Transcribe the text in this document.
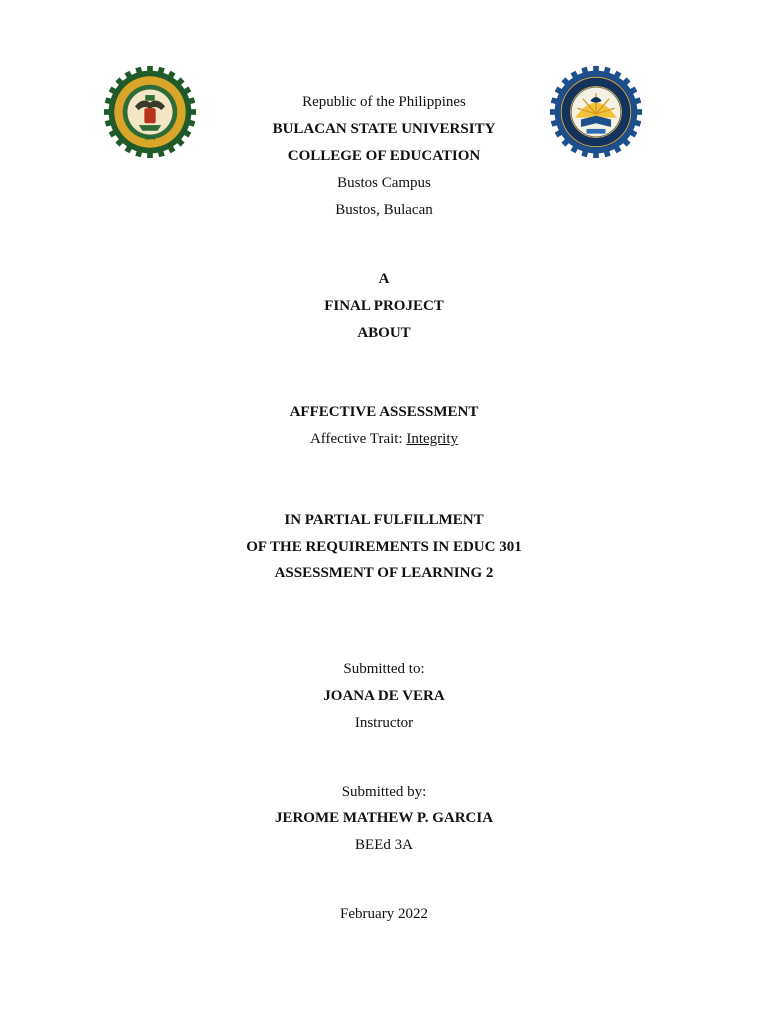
1975
Republic of the Philippines
BULACAN STATE UNIVERSITY
COLLEGE OF EDUCATION
Bustos Campus
Bustos, Bulacan
A
FINAL PROJECT
ABOUT
AFFECTIVE ASSESSMENT
Affective Trait: Integrity
IN PARTIAL FULFILLMENT
OF THE REQUIREMENTS IN EDUC 301
ASSESSMENT OF LEARNING 2
Submitted to:
JOANA DE VERA
Instructor
Submitted by:
JEROME MATHEW P. GARCIA
BEEd 3A
February 2022
